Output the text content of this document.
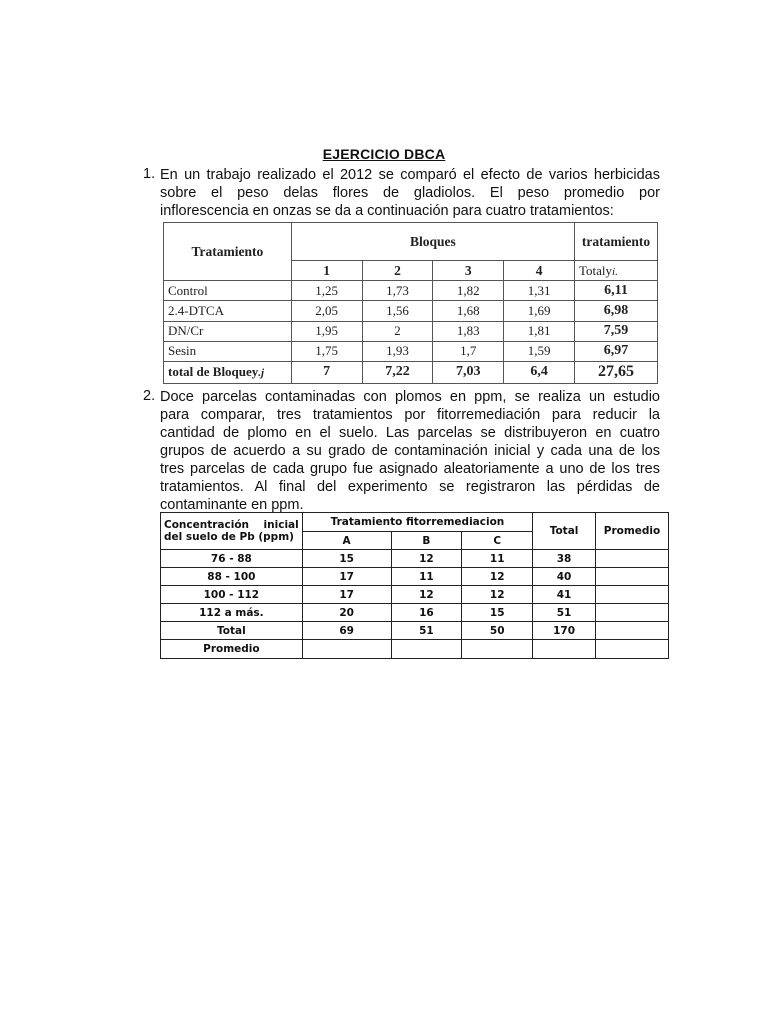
EJERCICIO DBCA
1. En un trabajo realizado el 2012 se comparó el efecto de varios herbicidas
sobre el peso delas flores de gladiolos. El peso promedio por
inflorescencia en onzas se da a continuación para cuatro tratamientos:
Tratamiento	Bloques				tratamiento
	1	2	3	4	Totalyi.
Control	1,25	1,73	1,82	1,31	6,11
2.4-DTCA	2,05	1,56	1,68	1,69	6,98
DN/Cr	1,95	2	1,83	1,81	7,59
Sesin	1,75	1,93	1,7	1,59	6,97
total de Bloquey.j	7	7,22	7,03	6,4	27,65
2. Doce parcelas contaminadas con plomos en ppm, se realiza un estudio
para comparar, tres tratamientos por fitorremediación para reducir la
cantidad de plomo en el suelo. Las parcelas se distribuyeron en cuatro
grupos de acuerdo a su grado de contaminación inicial y cada una de los
tres parcelas de cada grupo fue asignado aleatoriamente a uno de los tres
tratamientos. Al final del experimento se registraron las pérdidas de
contaminante en ppm.
Concentración inicial
del suelo de Pb (ppm)	Tratamiento fitorremediacion			Total	Promedio
	A	B	C		
76 - 88	15	12	11	38	
88 - 100	17	11	12	40	
100 - 112	17	12	12	41	
112 a más.	20	16	15	51	
Total	69	51	50	170	
Promedio					
